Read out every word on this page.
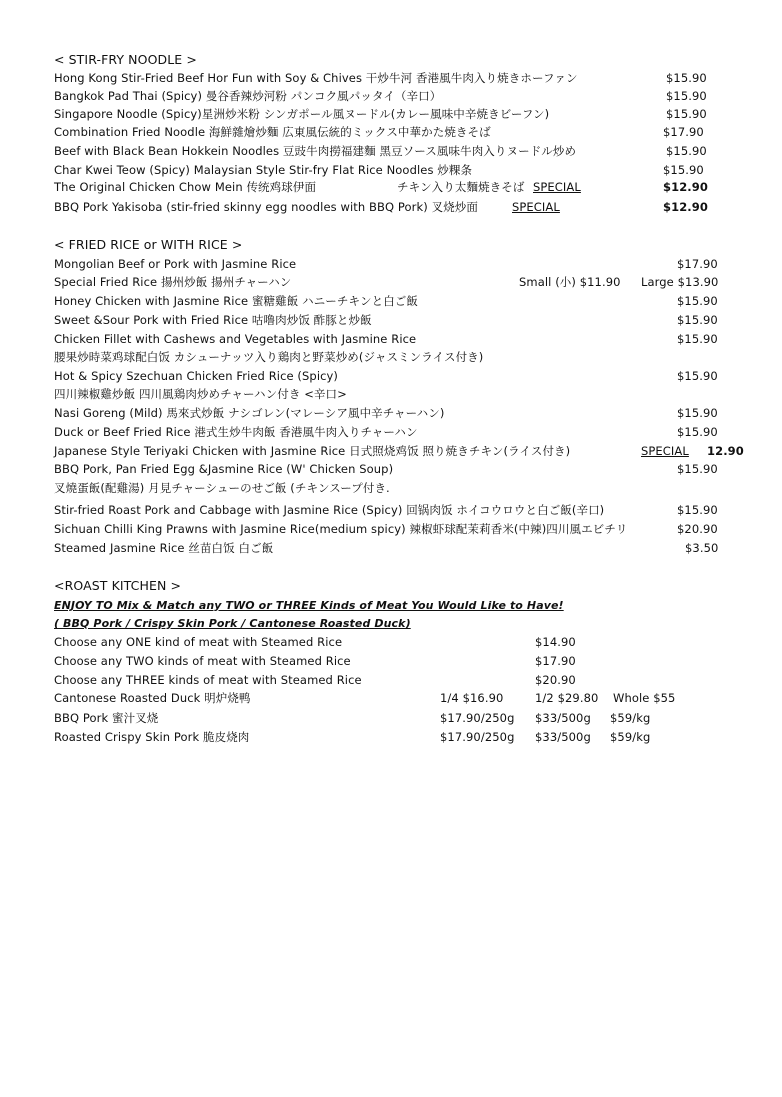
< STIR-FRY NOODLE >
Hong Kong Stir-Fried Beef Hor Fun with Soy & Chives 干炒牛河 香港風牛肉入り焼きホーファン	$15.90
Bangkok Pad Thai (Spicy) 曼谷香辣炒河粉 パンコク風パッタイ（辛口）	$15.90
Singapore Noodle (Spicy)星洲炒米粉 シンガポール風ヌードル(カレー風味中辛焼きビーフン)	$15.90
Combination Fried Noodle 海鮮雜燴炒麵 広東風伝統的ミックス中華かた焼きそば	$17.90
Beef with Black Bean Hokkein Noodles 豆豉牛肉撈福建麵 黑豆ソース風味牛肉入りヌードル炒め	$15.90
Char Kwei Teow (Spicy) Malaysian Style Stir-fry Flat Rice Noodles 炒粿条	$15.90
The Original Chicken Chow Mein 传统鸡球伊面	チキン入り太麵焼きそば SPECIAL	$12.90
BBQ Pork Yakisoba (stir-fried skinny egg noodles with BBQ Pork) 叉烧炒面	SPECIAL	$12.90
< FRIED RICE or WITH RICE >
Mongolian Beef or Pork with Jasmine Rice	$17.90
Special Fried Rice 揚州炒飯 揚州チャーハン	Small (小) $11.90 Large $13.90
Honey Chicken with Jasmine Rice 蜜糖雞飯 ハニーチキンと白ご飯	$15.90
Sweet &Sour Pork with Fried Rice 咕噜肉炒饭 酢豚と炒飯	$15.90
Chicken Fillet with Cashews and Vegetables with Jasmine Rice	$15.90
腰果炒時菜鸡球配白饭 カシューナッツ入り鶏肉と野菜炒め(ジャスミンライス付き)
Hot & Spicy Szechuan Chicken Fried Rice (Spicy)	$15.90
四川辣椒雞炒飯 四川風鶏肉炒めチャーハン付き <辛口>
Nasi Goreng (Mild) 馬來式炒飯 ナシゴレン(マレーシア風中辛チャーハン)	$15.90
Duck or Beef Fried Rice 港式生炒牛肉飯 香港風牛肉入りチャーハン	$15.90
Japanese Style Teriyaki Chicken with Jasmine Rice 日式照烧鸡饭 照り焼きチキン(ライス付き)	SPECIAL 12.90
BBQ Pork, Pan Fried Egg &Jasmine Rice (W' Chicken Soup)	$15.90
叉燒蛋飯(配雞湯) 月見チャーシューのせご飯 (チキンスープ付き.
Stir-fried Roast Pork and Cabbage with Jasmine Rice (Spicy) 回锅肉饭 ホイコウロウと白ご飯(辛口)	$15.90
Sichuan Chilli King Prawns with Jasmine Rice(medium spicy) 辣椒虾球配茉莉香米(中辣)四川風エビチリ	$20.90
Steamed Jasmine Rice 丝苗白饭 白ご飯	$3.50
<ROAST KITCHEN >
ENJOY TO Mix & Match any TWO or THREE Kinds of Meat You Would Like to Have!
( BBQ Pork / Crispy Skin Pork / Cantonese Roasted Duck)
Choose any ONE kind of meat with Steamed Rice	$14.90
Choose any TWO kinds of meat with Steamed Rice	$17.90
Choose any THREE kinds of meat with Steamed Rice	$20.90
Cantonese Roasted Duck 明炉烧鸭	1/4 $16.90	1/2 $29.80 Whole $55
BBQ Pork 蜜汁叉烧	$17.90/250g $33/500g $59/kg
Roasted Crispy Skin Pork 脆皮烧肉	$17.90/250g $33/500g $59/kg
